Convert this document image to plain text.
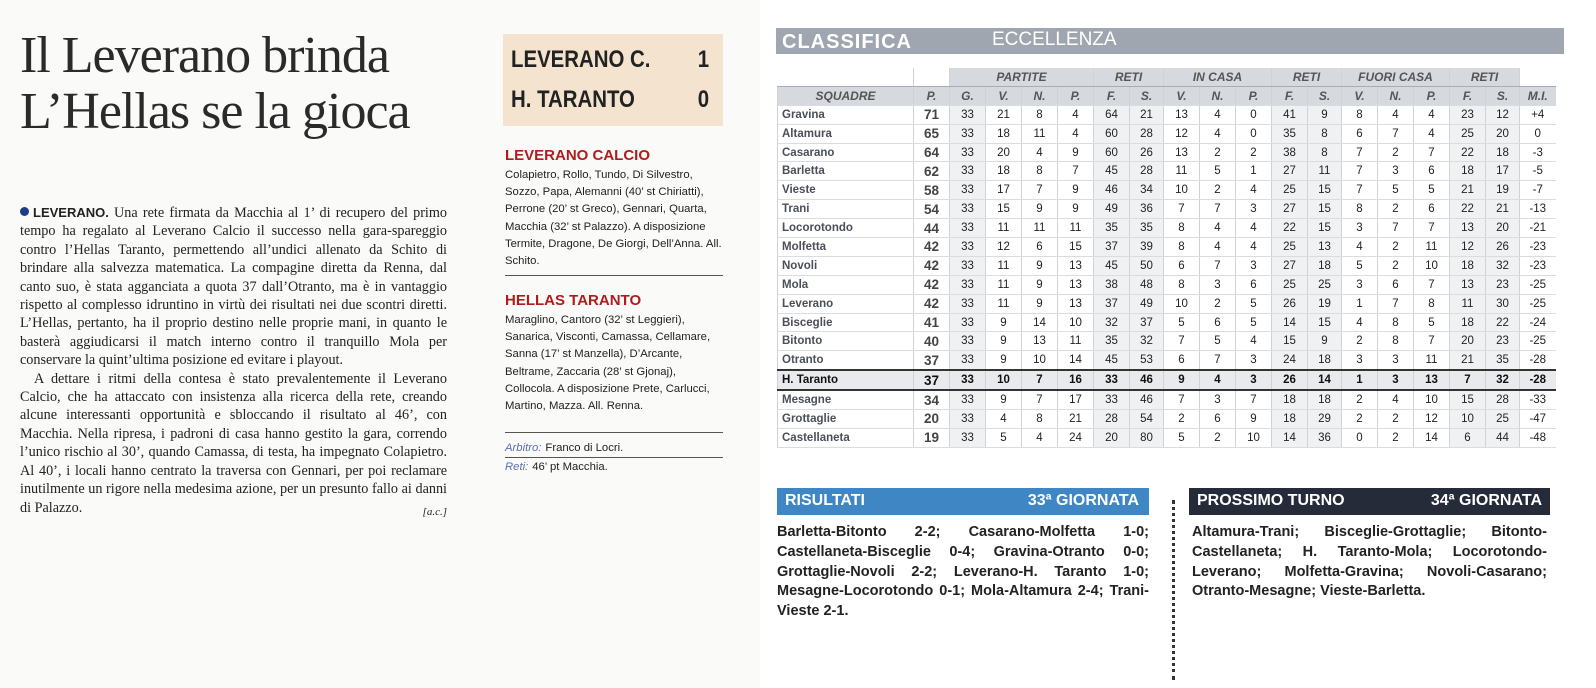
Il Leverano brinda
L’Hellas se la gioca

LEVERANO. Una rete firmata da Macchia al 1’ di recupero del primo tempo ha regalato al Leverano Calcio il successo nella gara-spareggio contro l’Hellas Taranto, permettendo all’undici allenato da Schito di brindare alla salvezza matematica. La compagine diretta da Renna, dal canto suo, è stata agganciata a quota 37 dall’Otranto, ma è in vantaggio rispetto al complesso idruntino in virtù dei risultati nei due scontri diretti. L’Hellas, pertanto, ha il proprio destino nelle proprie mani, in quanto le basterà aggiudicarsi il match interno contro il tranquillo Mola per conservare la quint’ultima posizione ed evitare i playout.

A dettare i ritmi della contesa è stato prevalentemente il Leverano Calcio, che ha attaccato con insistenza alla ricerca della rete, creando alcune interessanti opportunità e sbloccando il risultato al 46’, con Macchia. Nella ripresa, i padroni di casa hanno gestito la gara, correndo l’unico rischio al 30’, quando Camassa, di testa, ha impegnato Colapietro. Al 40’, i locali hanno centrato la traversa con Gennari, per poi reclamare inutilmente un rigore nella medesima azione, per un presunto fallo ai danni di Palazzo.	[a.c.]
LEVERANO C. 1
H. TARANTO	0
LEVERANO CALCIO
Colapietro, Rollo, Tundo, Di Silvestro, Sozzo, Papa, Alemanni (40’ st Chiriatti), Perrone (20’ st Greco), Gennari, Quarta, Macchia (32’ st Palazzo). A disposizione Termite, Dragone, De Giorgi, Dell’Anna. All. Schito.
HELLAS TARANTO
Maraglino, Cantoro (32’ st Leggieri), Sanarica, Visconti, Camassa, Cellamare, Sanna (17’ st Manzella), D’Arcante, Beltrame, Zaccaria (28’ st Gjonaj), Collocola. A disposizione Prete, Carlucci, Martino, Mazza. All. Renna.
Arbitro: Franco di Locri.
Reti: 46’ pt Macchia.
CLASSIFICA	ECCELLENZA
		PARTITE				RETI		IN CASA			RETI		FUORI CASA			RETI		
SQUADRE	P.	G.	V.	N.	P.	F.	S.	V.	N.	P.	F.	S.	V.	N.	P.	F.	S.	M.I.
Gravina	71	33	21	8	4	64	21	13	4	0	41	9	8	4	4	23	12	+4
Altamura	65	33	18	11	4	60	28	12	4	0	35	8	6	7	4	25	20	0
Casarano	64	33	20	4	9	60	26	13	2	2	38	8	7	2	7	22	18	-3
Barletta	62	33	18	8	7	45	28	11	5	1	27	11	7	3	6	18	17	-5
Vieste	58	33	17	7	9	46	34	10	2	4	25	15	7	5	5	21	19	-7
Trani	54	33	15	9	9	49	36	7	7	3	27	15	8	2	6	22	21	-13
Locorotondo	44	33	11	11	11	35	35	8	4	4	22	15	3	7	7	13	20	-21
Molfetta	42	33	12	6	15	37	39	8	4	4	25	13	4	2	11	12	26	-23
Novoli	42	33	11	9	13	45	50	6	7	3	27	18	5	2	10	18	32	-23
Mola	42	33	11	9	13	38	48	8	3	6	25	25	3	6	7	13	23	-25
Leverano	42	33	11	9	13	37	49	10	2	5	26	19	1	7	8	11	30	-25
Bisceglie	41	33	9	14	10	32	37	5	6	5	14	15	4	8	5	18	22	-24
Bitonto	40	33	9	13	11	35	32	7	5	4	15	9	2	8	7	20	23	-25
Otranto	37	33	9	10	14	45	53	6	7	3	24	18	3	3	11	21	35	-28
H. Taranto	37	33	10	7	16	33	46	9	4	3	26	14	1	3	13	7	32	-28
Mesagne	34	33	9	7	17	33	46	7	3	7	18	18	2	4	10	15	28	-33
Grottaglie	20	33	4	8	21	28	54	2	6	9	18	29	2	2	12	10	25	-47
Castellaneta	19	33	5	4	24	20	80	5	2	10	14	36	0	2	14	6	44	-48
RISULTATI	33ª GIORNATA
Barletta-Bitonto 2-2; Casarano-Molfetta 1-0; Castellaneta-Bisceglie 0-4; Gravina-Otranto 0-0; Grottaglie-Novoli 2-2; Leverano-H. Taranto 1-0; Mesagne-Locorotondo 0-1; Mola-Altamura 2-4; Trani-Vieste 2-1.
PROSSIMO TURNO	34ª GIORNATA
Altamura-Trani; Bisceglie-Grottaglie; Bitonto-Castellaneta; H. Taranto-Mola; Locorotondo-Leverano; Molfetta-Gravina; Novoli-Casarano; Otranto-Mesagne; Vieste-Barletta.
